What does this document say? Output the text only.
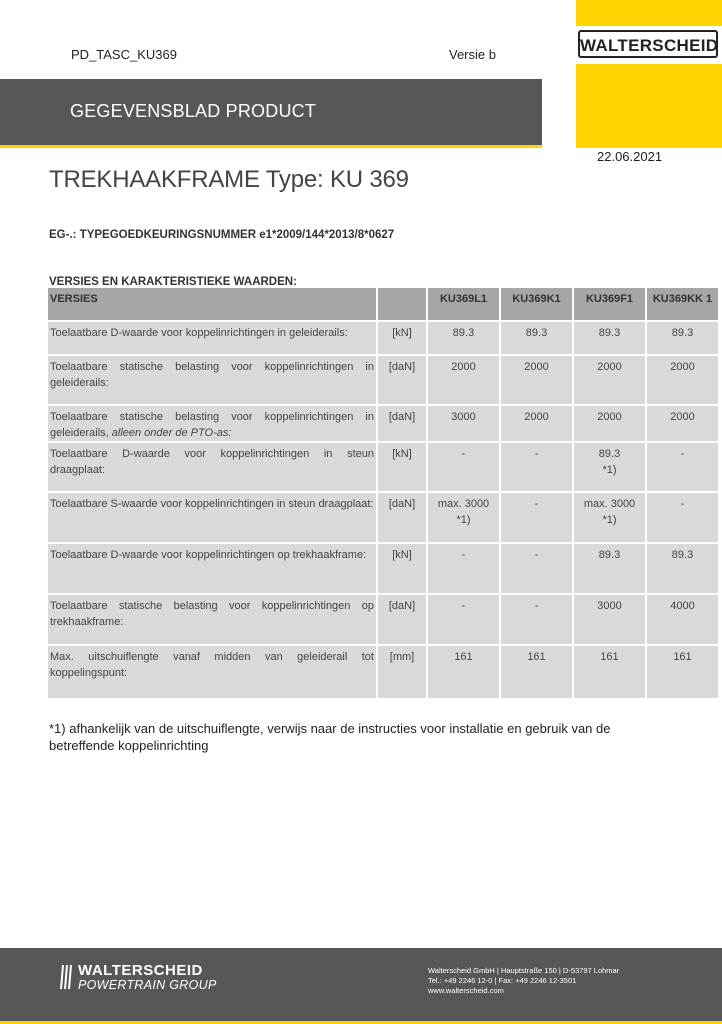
PD_TASC_KU369	Versie b	WALTERSCHEID
GEGEVENSBLAD PRODUCT
22.06.2021
TREKHAAKFRAME Type: KU 369
EG-.: TYPEGOEDKEURINGSNUMMER e1*2009/144*2013/8*0627
VERSIES EN KARAKTERISTIEKE WAARDEN:
VERSIES		KU369L1	KU369K1	KU369F1	KU369KK 1
Toelaatbare D-waarde voor koppelinrichtingen in geleiderails:	[kN]	89.3	89.3	89.3	89.3
Toelaatbare statische belasting voor koppelinrichtingen in geleiderails:	[daN]	2000	2000	2000	2000
Toelaatbare statische belasting voor koppelinrichtingen in geleiderails, alleen onder de PTO-as:	[daN]	3000	2000	2000	2000
Toelaatbare D-waarde voor koppelinrichtingen in steun draagplaat:	[kN]	-	-	89.3 *1)	-
Toelaatbare S-waarde voor koppelinrichtingen in steun draagplaat:	[daN]	max. 3000 *1)	-	max. 3000 *1)	-
Toelaatbare D-waarde voor koppelinrichtingen op trekhaakframe:	[kN]	-	-	89.3	89.3
Toelaatbare statische belasting voor koppelinrichtingen op trekhaakframe:	[daN]	-	-	3000	4000
Max. uitschuiflengte vanaf midden van geleiderail tot koppelingspunt:	[mm]	161	161	161	161
*1) afhankelijk van de uitschuiflengte, verwijs naar de instructies voor installatie en gebruik van de betreffende koppelinrichting
WALTERSCHEID
POWERTRAIN GROUP
Walterscheid GmbH | Hauptstraße 150 | D-53797 Lohmar
Tel.: +49 2246 12-0 | Fax: +49 2246 12-3501
www.walterscheid.com
